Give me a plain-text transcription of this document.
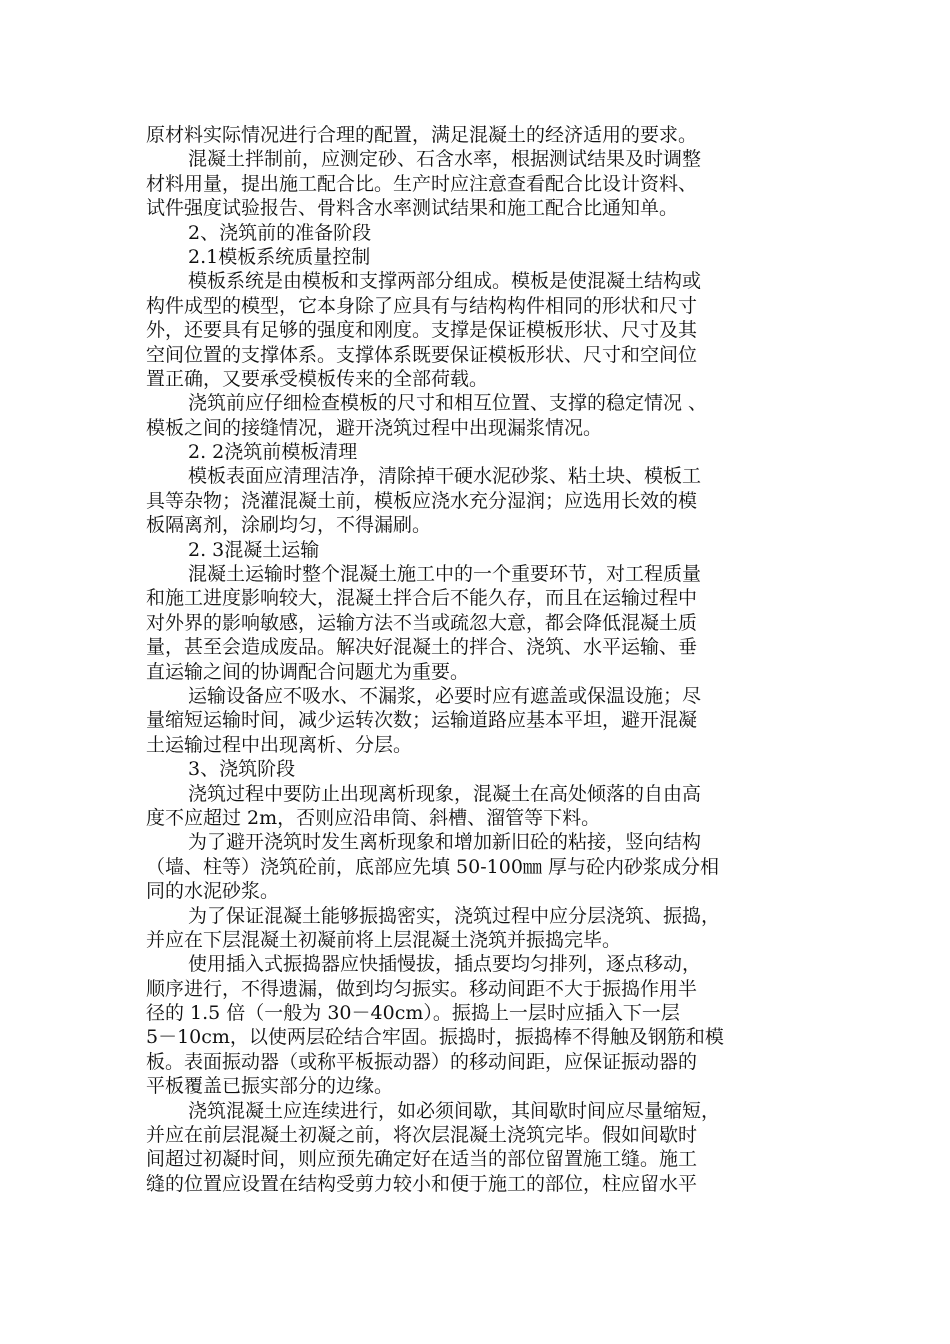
原材料实际情况进行合理的配置，满足混凝土的经济适用的要求。
混凝土拌制前，应测定砂、石含水率，根据测试结果及时调整
材料用量，提出施工配合比。生产时应注意查看配合比设计资料、
试件强度试验报告、骨料含水率测试结果和施工配合比通知单。
2、浇筑前的准备阶段
2.1模板系统质量控制
模板系统是由模板和支撑两部分组成。模板是使混凝土结构或
构件成型的模型，它本身除了应具有与结构构件相同的形状和尺寸
外，还要具有足够的强度和刚度。支撑是保证模板形状、尺寸及其
空间位置的支撑体系。支撑体系既要保证模板形状、尺寸和空间位
置正确，又要承受模板传来的全部荷载。
浇筑前应仔细检查模板的尺寸和相互位置、支撑的稳定情况 、
模板之间的接缝情况，避开浇筑过程中出现漏浆情况。
2. 2浇筑前模板清理
模板表面应清理洁净，清除掉干硬水泥砂浆、粘土块、模板工
具等杂物；浇灌混凝土前，模板应浇水充分湿润；应选用长效的模
板隔离剂，涂刷均匀，不得漏刷。
2. 3混凝土运输
混凝土运输时整个混凝土施工中的一个重要环节，对工程质量
和施工进度影响较大，混凝土拌合后不能久存，而且在运输过程中
对外界的影响敏感，运输方法不当或疏忽大意，都会降低混凝土质
量，甚至会造成废品。解决好混凝土的拌合、浇筑、水平运输、垂
直运输之间的协调配合问题尤为重要。
运输设备应不吸水、不漏浆，必要时应有遮盖或保温设施；尽
量缩短运输时间，减少运转次数；运输道路应基本平坦，避开混凝
土运输过程中出现离析、分层。
3、浇筑阶段
浇筑过程中要防止出现离析现象，混凝土在高处倾落的自由高
度不应超过 2m，否则应沿串筒、斜槽、溜管等下料。
为了避开浇筑时发生离析现象和增加新旧砼的粘接，竖向结构
（墙、柱等）浇筑砼前，底部应先填 50-100㎜ 厚与砼内砂浆成分相
同的水泥砂浆。
为了保证混凝土能够振捣密实，浇筑过程中应分层浇筑、振捣，
并应在下层混凝土初凝前将上层混凝土浇筑并振捣完毕。
使用插入式振捣器应快插慢拔，插点要均匀排列，逐点移动，
顺序进行，不得遗漏，做到均匀振实。移动间距不大于振捣作用半
径的 1.5 倍（一般为 30－40cm）。振捣上一层时应插入下一层
5－10cm，以使两层砼结合牢固。振捣时，振捣棒不得触及钢筋和模
板。表面振动器（或称平板振动器）的移动间距，应保证振动器的
平板覆盖已振实部分的边缘。
浇筑混凝土应连续进行，如必须间歇，其间歇时间应尽量缩短，
并应在前层混凝土初凝之前，将次层混凝土浇筑完毕。假如间歇时
间超过初凝时间，则应预先确定好在适当的部位留置施工缝。施工
缝的位置应设置在结构受剪力较小和便于施工的部位，柱应留水平
